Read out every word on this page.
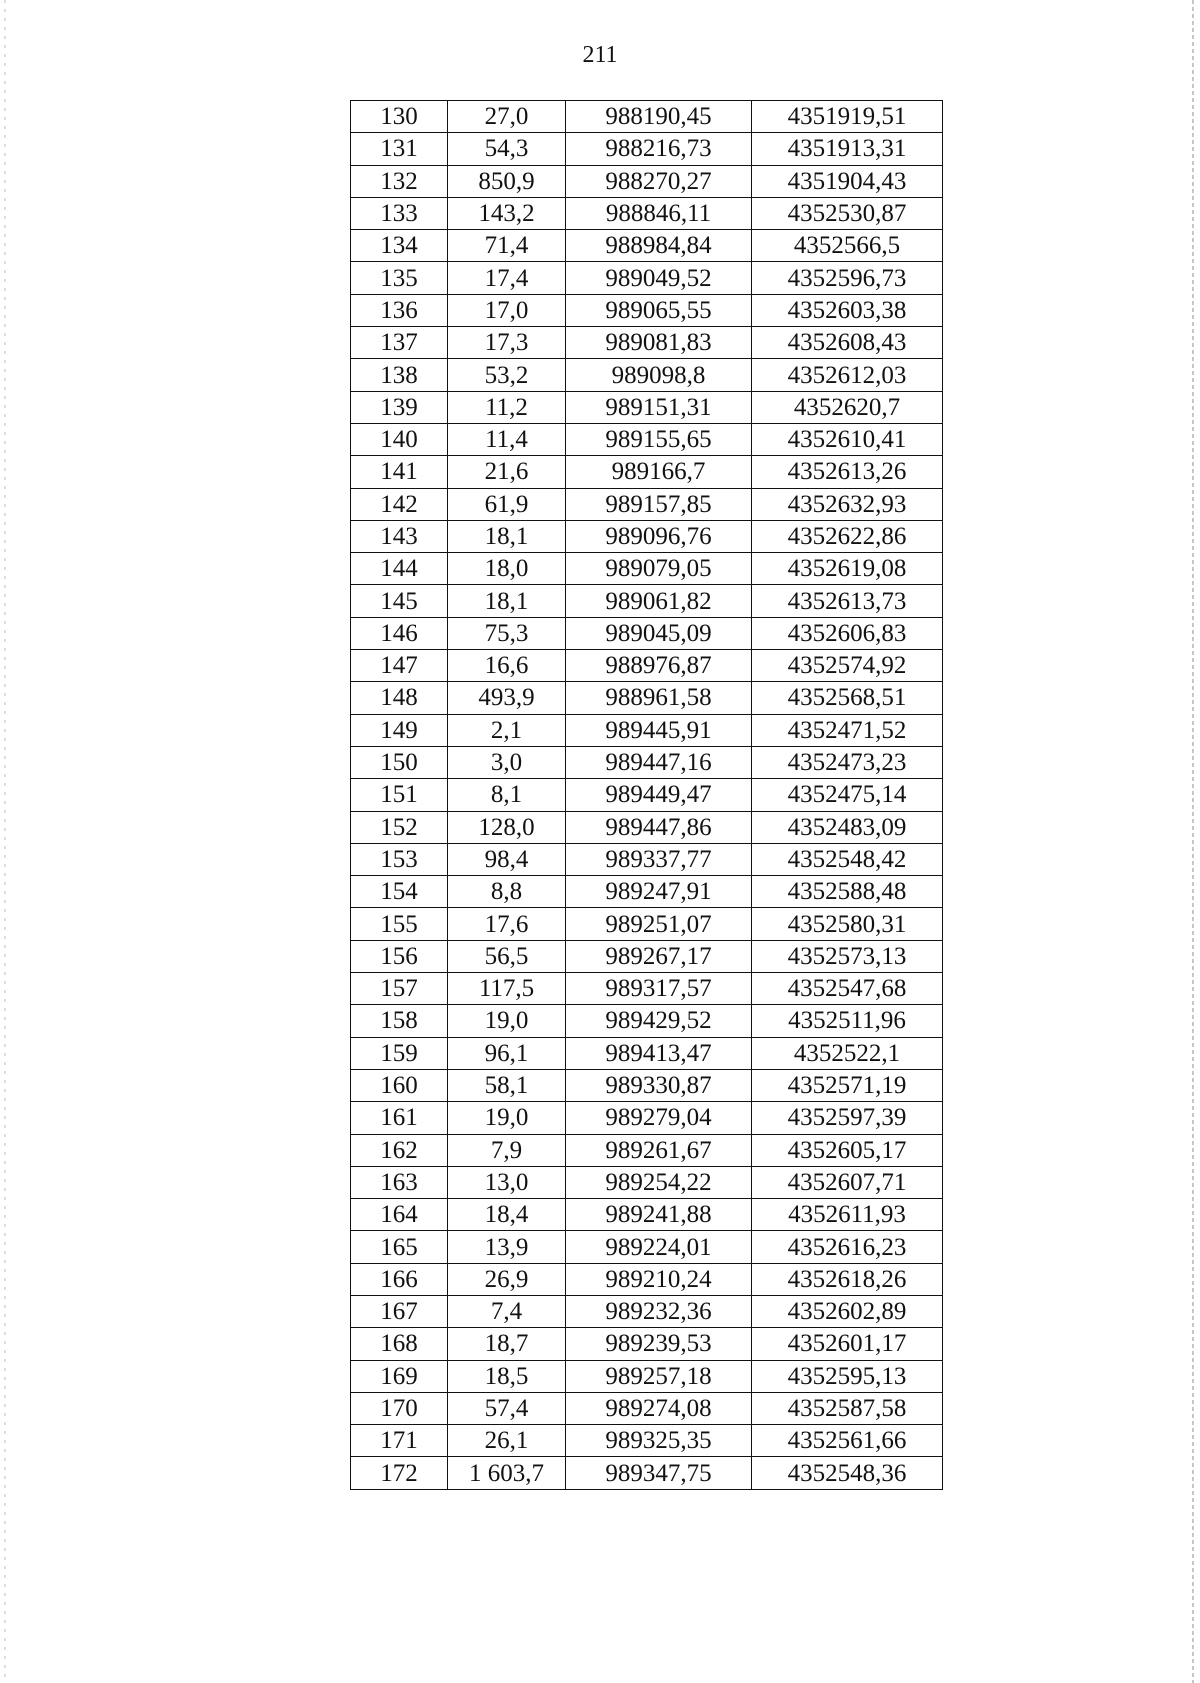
211
130	27,0	988190,45	4351919,51
131	54,3	988216,73	4351913,31
132	850,9	988270,27	4351904,43
133	143,2	988846,11	4352530,87
134	71,4	988984,84	4352566,5
135	17,4	989049,52	4352596,73
136	17,0	989065,55	4352603,38
137	17,3	989081,83	4352608,43
138	53,2	989098,8	4352612,03
139	11,2	989151,31	4352620,7
140	11,4	989155,65	4352610,41
141	21,6	989166,7	4352613,26
142	61,9	989157,85	4352632,93
143	18,1	989096,76	4352622,86
144	18,0	989079,05	4352619,08
145	18,1	989061,82	4352613,73
146	75,3	989045,09	4352606,83
147	16,6	988976,87	4352574,92
148	493,9	988961,58	4352568,51
149	2,1	989445,91	4352471,52
150	3,0	989447,16	4352473,23
151	8,1	989449,47	4352475,14
152	128,0	989447,86	4352483,09
153	98,4	989337,77	4352548,42
154	8,8	989247,91	4352588,48
155	17,6	989251,07	4352580,31
156	56,5	989267,17	4352573,13
157	117,5	989317,57	4352547,68
158	19,0	989429,52	4352511,96
159	96,1	989413,47	4352522,1
160	58,1	989330,87	4352571,19
161	19,0	989279,04	4352597,39
162	7,9	989261,67	4352605,17
163	13,0	989254,22	4352607,71
164	18,4	989241,88	4352611,93
165	13,9	989224,01	4352616,23
166	26,9	989210,24	4352618,26
167	7,4	989232,36	4352602,89
168	18,7	989239,53	4352601,17
169	18,5	989257,18	4352595,13
170	57,4	989274,08	4352587,58
171	26,1	989325,35	4352561,66
172	1 603,7	989347,75	4352548,36
